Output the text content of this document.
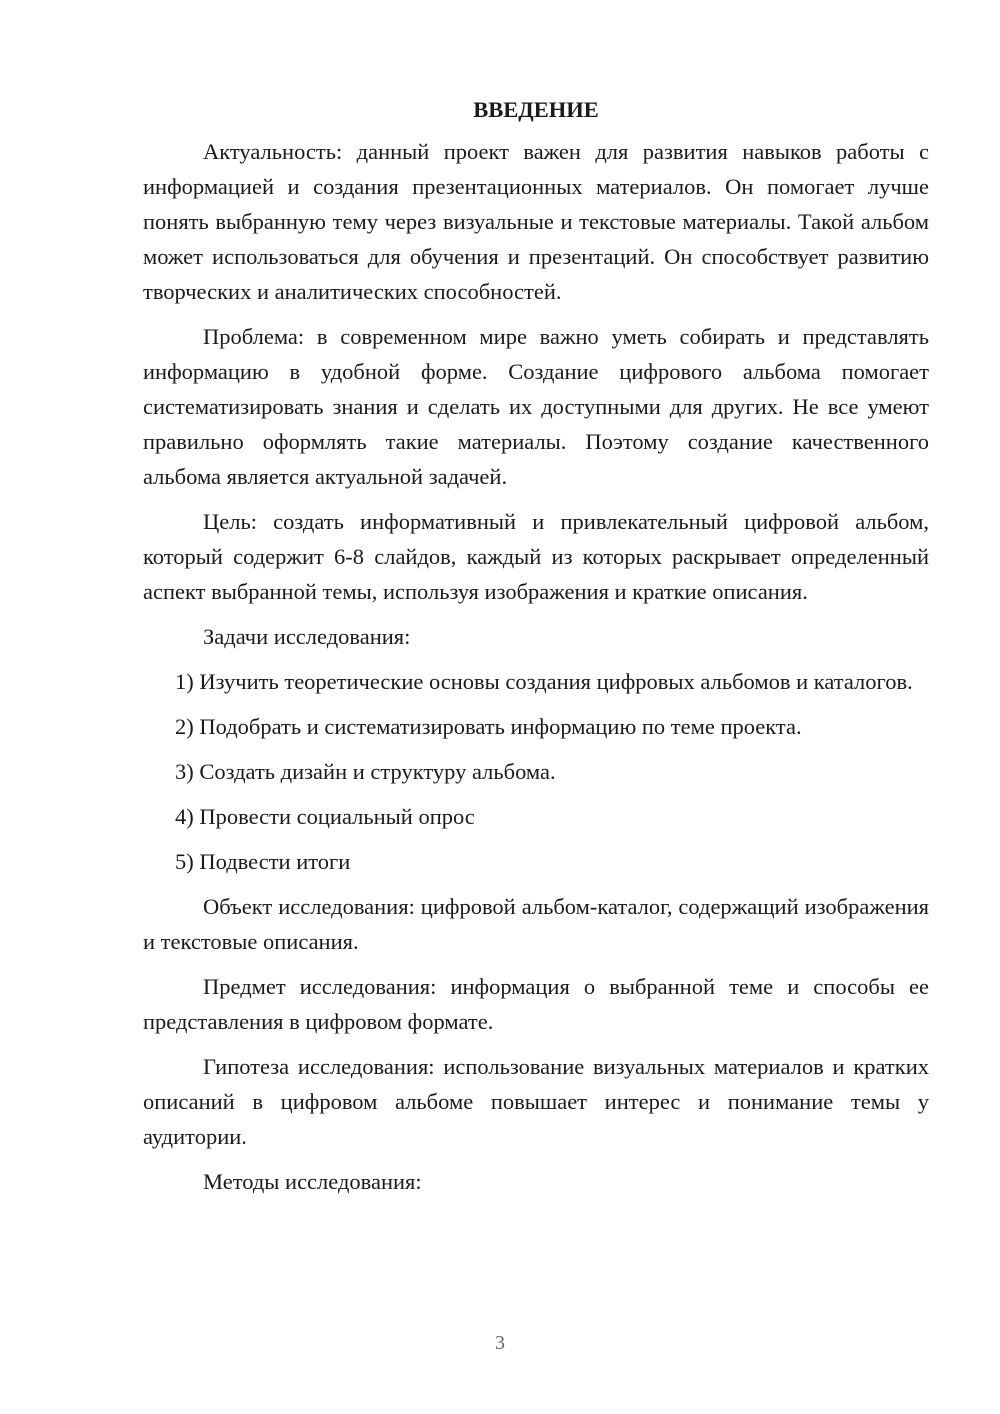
ВВЕДЕНИЕ

Актуальность: данный проект важен для развития навыков работы с информацией и создания презентационных материалов. Он помогает лучше понять выбранную тему через визуальные и текстовые материалы. Такой альбом может использоваться для обучения и презентаций. Он способствует развитию творческих и аналитических способностей.

Проблема: в современном мире важно уметь собирать и представлять информацию в удобной форме. Создание цифрового альбома помогает систематизировать знания и сделать их доступными для других. Не все умеют правильно оформлять такие материалы. Поэтому создание качественного альбома является актуальной задачей.

Цель: создать информативный и привлекательный цифровой альбом, который содержит 6-8 слайдов, каждый из которых раскрывает определенный аспект выбранной темы, используя изображения и краткие описания.

Задачи исследования:

1) Изучить теоретические основы создания цифровых альбомов и каталогов.

2) Подобрать и систематизировать информацию по теме проекта.

3) Создать дизайн и структуру альбома.

4) Провести социальный опрос

5) Подвести итоги

Объект исследования: цифровой альбом-каталог, содержащий изображения и текстовые описания.

Предмет исследования: информация о выбранной теме и способы ее представления в цифровом формате.

Гипотеза исследования: использование визуальных материалов и кратких описаний в цифровом альбоме повышает интерес и понимание темы у аудитории.

Методы исследования:

3
